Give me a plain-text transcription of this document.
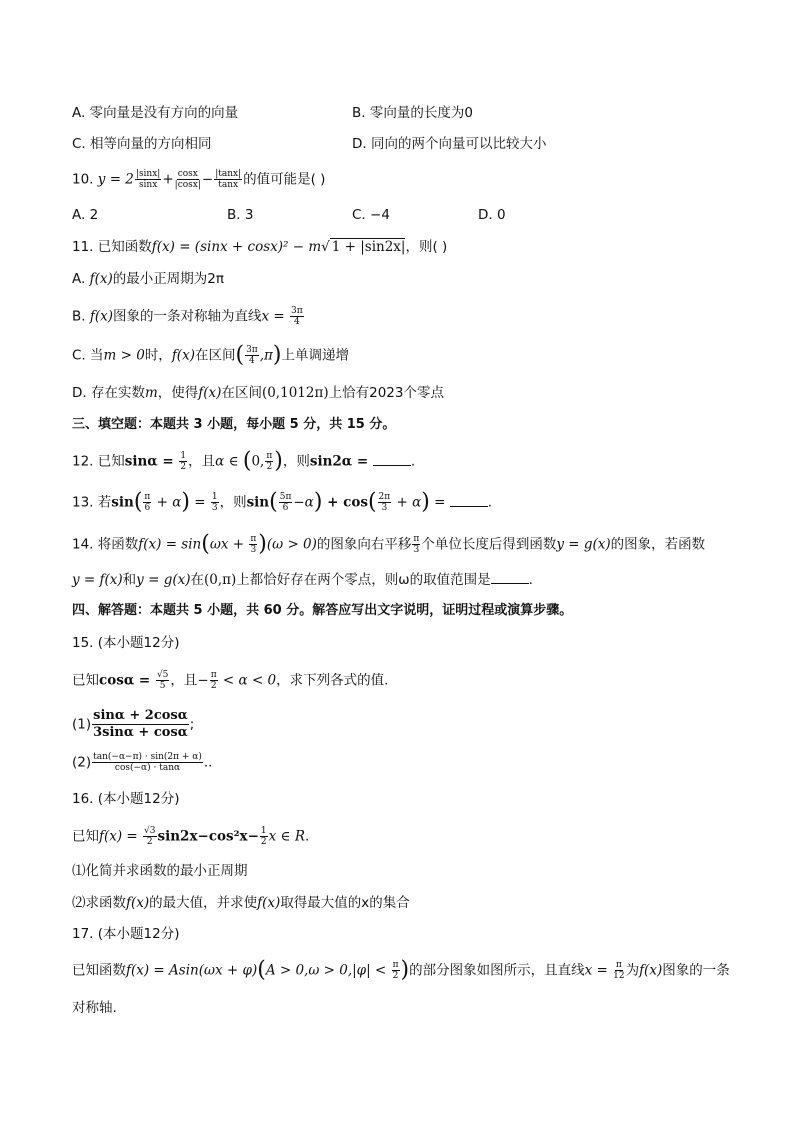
A. 零向量是没有方向的向量	B. 零向量的长度为0
C. 相等向量的方向相同	D. 同向的两个向量可以比较大小
10. $y = 2 \frac{|\sin x|}{\sin x} + \frac{\cos x}{|\cos x|} - \frac{|\tan x|}{\tan x}$ 的值可能是( )
A. 2	B. 3	C. −4	D. 0
11. 已知函数f(x) = (sinx + cosx)² − m√ 1 + |sin2x|，则( )
A. f(x)的最小正周期为2π
B. f(x)图象的一条对称轴为直线$x = \frac{3\pi}{4}$
C. 当m > 0时，f(x)在区间( $\frac{3\pi}{4} ,\pi$)上单调递增
D. 存在实数m，使得f(x)在区间(0,1012π)上恰有2023个零点
三、填空题：本题共 3 小题，每小题 5 分，共 15 分。
12. 已知$\sin\alpha = \frac{1}{2}$ ，且α ∈ (0, $\frac{\pi}{2}$ )，则sin2α =	.
13. 若$\sin( \frac{\pi}{6} + \alpha) = \frac{1}{3}$ ，则$\sin( \frac{5\pi}{6} -\alpha) + \cos( \frac{2\pi}{3} + \alpha)$ =	.
14. 将函数$f(x) = \sin(\omega x + \frac{\pi}{3} )(\omega > 0)$的图象向右平移 $\frac{\pi}{3}$ 个单位长度后得到函数y = g(x)的图象，若函数
y = f(x)和y = g(x)在(0,π)上都恰好存在两个零点，则ω的取值范围是	.
四、解答题：本题共 5 小题，共 60 分。解答应写出文字说明，证明过程或演算步骤。
15. (本小题12分)
已知$\cos\alpha = \frac{√5}{5}$ ，且− $\frac{\pi}{2} < \alpha < 0$，求下列各式的值.
$(1) \frac{\sin\alpha + 2\cos\alpha}{3\sin\alpha + \cos\alpha}$ ;
$(2) \frac{\tan(-\alpha-\pi) \cdot \sin(2\pi + \alpha)}{\cos(-\alpha) \cdot \tan\alpha}$ ..
16. (本小题12分)
已知$f(x) = \frac{√3}{2} \sin 2x-\cos^2x- \frac{1}{2}$ x ∈ R.
⑴化简并求函数的最小正周期
⑵求函数f(x)的最大值，并求使f(x)取得最大值的x的集合
17. (本小题12分)
已知函数$f(x) = Asin(\omega x + \varphi)(A > 0,\omega > 0,|\varphi| < \frac{\pi}{2}$ )的部分图象如图所示，且直线$x = \frac{\pi}{12}$ 为f(x)图象的一条
对称轴.
